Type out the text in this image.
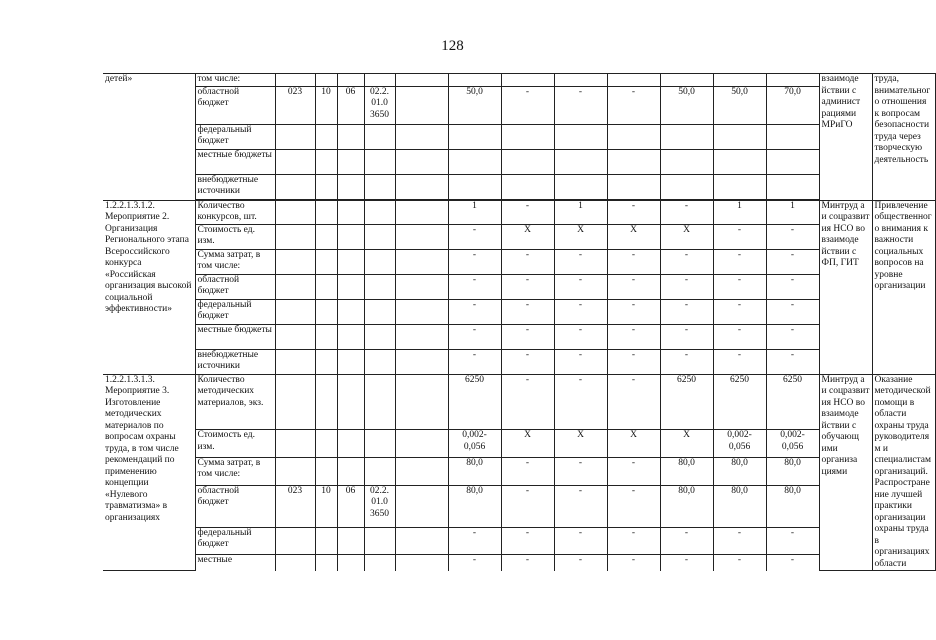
128
детей»	том числе:													взаимоде йствии с админист рациями МРиГО	труда, внимательного отношения к вопросам безопасности труда через творческую деятельность
	областной бюджет	023	10	06	02.2. 01.0 3650		50,0	-	-	-	50,0	50,0	70,0		
	федеральный бюджет														
	местные бюджеты														
	внебюджетные источники														

1.2.2.1.3.1.2. Мероприятие 2. Организация Регионального этапа Всероссийского конкурса «Российская организация высокой социальной эффективности»	Количество конкурсов, шт.						1	-	1	-	-	1	1	Минтруд а и соцразвит ия НСО во взаимоде йствии с ФП, ГИТ	Привлечение общественного внимания к важности социальных вопросов на уровне организации
	Стоимость ед. изм.						-	X	X	X	X	-	-		
	Сумма затрат, в том числе:						-	-	-	-	-	-	-		
	областной бюджет						-	-	-	-	-	-	-		
	федеральный бюджет						-	-	-	-	-	-	-		
	местные бюджеты						-	-	-	-	-	-	-		
	внебюджетные источники						-	-	-	-	-	-	-		
1.2.2.1.3.1.3. Мероприятие 3. Изготовление методических материалов по вопросам охраны труда, в том числе рекомендаций по применению концепции «Нулевого травматизма» в организациях	Количество методических материалов, экз.						6250	-	-	-	6250	6250	6250	Минтруд а и соцразвит ия НСО во взаимоде йствии с обучающ ими организа циями	Оказание методической помощи в области охраны труда руководителям и специалистам организаций. Распространение лучшей практики организации охраны труда в организациях области
	Стоимость ед. изм.						0,002- 0,056	X	X	X	X	0,002- 0,056	0,002- 0,056		
	Сумма затрат, в том числе:						80,0	-	-	-	80,0	80,0	80,0		
	областной бюджет	023	10	06	02.2. 01.0 3650		80,0	-	-	-	80,0	80,0	80,0		
	федеральный бюджет						-	-	-	-	-	-	-		
	местные						-	-	-	-	-	-	-		
